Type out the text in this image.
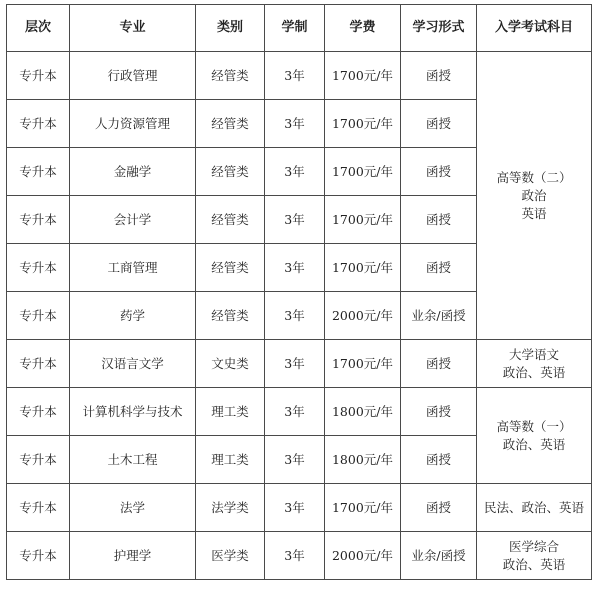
层次	专业	类别	学制	学费	学习形式	入学考试科目
专升本	行政管理	经管类	3年	1700元/年	函授	高等数（二）
政治
英语

专升本	人力资源管理	经管类	3年	1700元/年	函授	
专升本	金融学	经管类	3年	1700元/年	函授	
专升本	会计学	经管类	3年	1700元/年	函授	
专升本	工商管理	经管类	3年	1700元/年	函授	
专升本	药学	经管类	3年	2000元/年	业余/函授	
专升本	汉语言文学	文史类	3年	1700元/年	函授	大学语文
政治、英语

专升本	计算机科学与技术	理工类	3年	1800元/年	函授	高等数（一）
政治、英语

专升本	土木工程	理工类	3年	1800元/年	函授	
专升本	法学	法学类	3年	1700元/年	函授	民法、政治、英语

专升本	护理学	医学类	3年	2000元/年	业余/函授	医学综合
政治、英语
